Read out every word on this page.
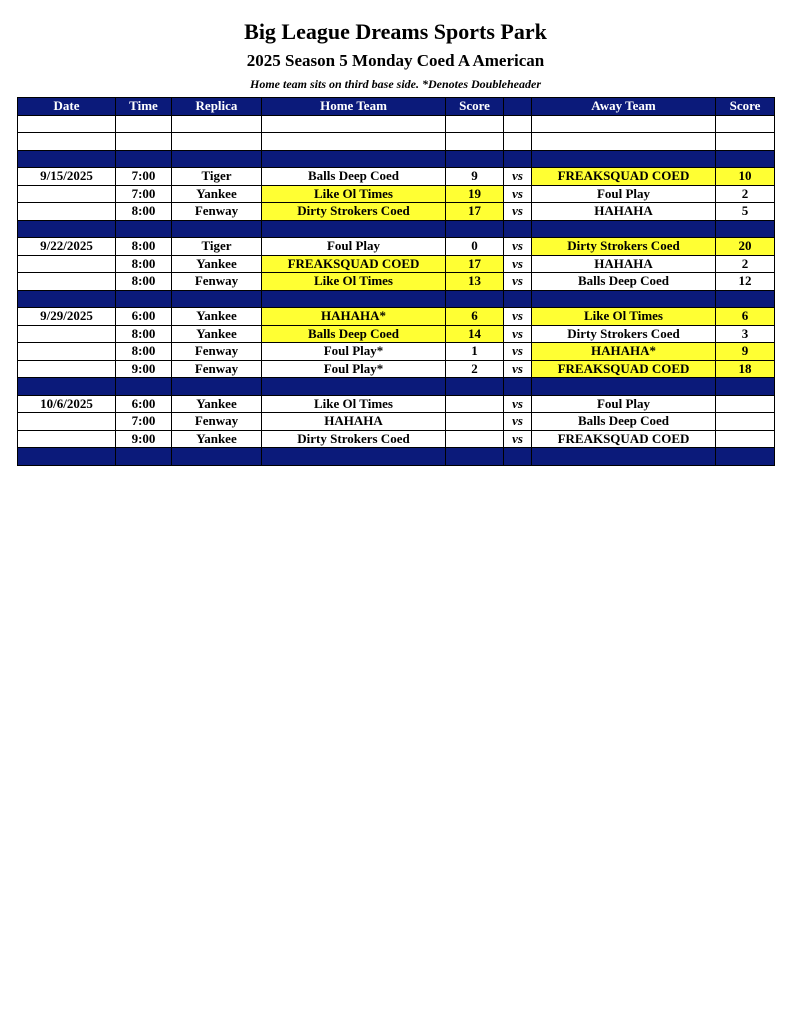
Big League Dreams Sports Park
2025 Season 5 Monday Coed A American
Home team sits on third base side. *Denotes Doubleheader
Date	Time	Replica	Home Team	Score		Away Team	Score

9/15/2025	7:00	Tiger	Balls Deep Coed	9	vs	FREAKSQUAD COED	10
	7:00	Yankee	Like Ol Times	19	vs	Foul Play	2
	8:00	Fenway	Dirty Strokers Coed	17	vs	HAHAHA	5

9/22/2025	8:00	Tiger	Foul Play	0	vs	Dirty Strokers Coed	20
	8:00	Yankee	FREAKSQUAD COED	17	vs	HAHAHA	2
	8:00	Fenway	Like Ol Times	13	vs	Balls Deep Coed	12

9/29/2025	6:00	Yankee	HAHAHA*	6	vs	Like Ol Times	6
	8:00	Yankee	Balls Deep Coed	14	vs	Dirty Strokers Coed	3
	8:00	Fenway	Foul Play*	1	vs	HAHAHA*	9
	9:00	Fenway	Foul Play*	2	vs	FREAKSQUAD COED	18

10/6/2025	6:00	Yankee	Like Ol Times		vs	Foul Play	
	7:00	Fenway	HAHAHA		vs	Balls Deep Coed	
	9:00	Yankee	Dirty Strokers Coed		vs	FREAKSQUAD COED	
